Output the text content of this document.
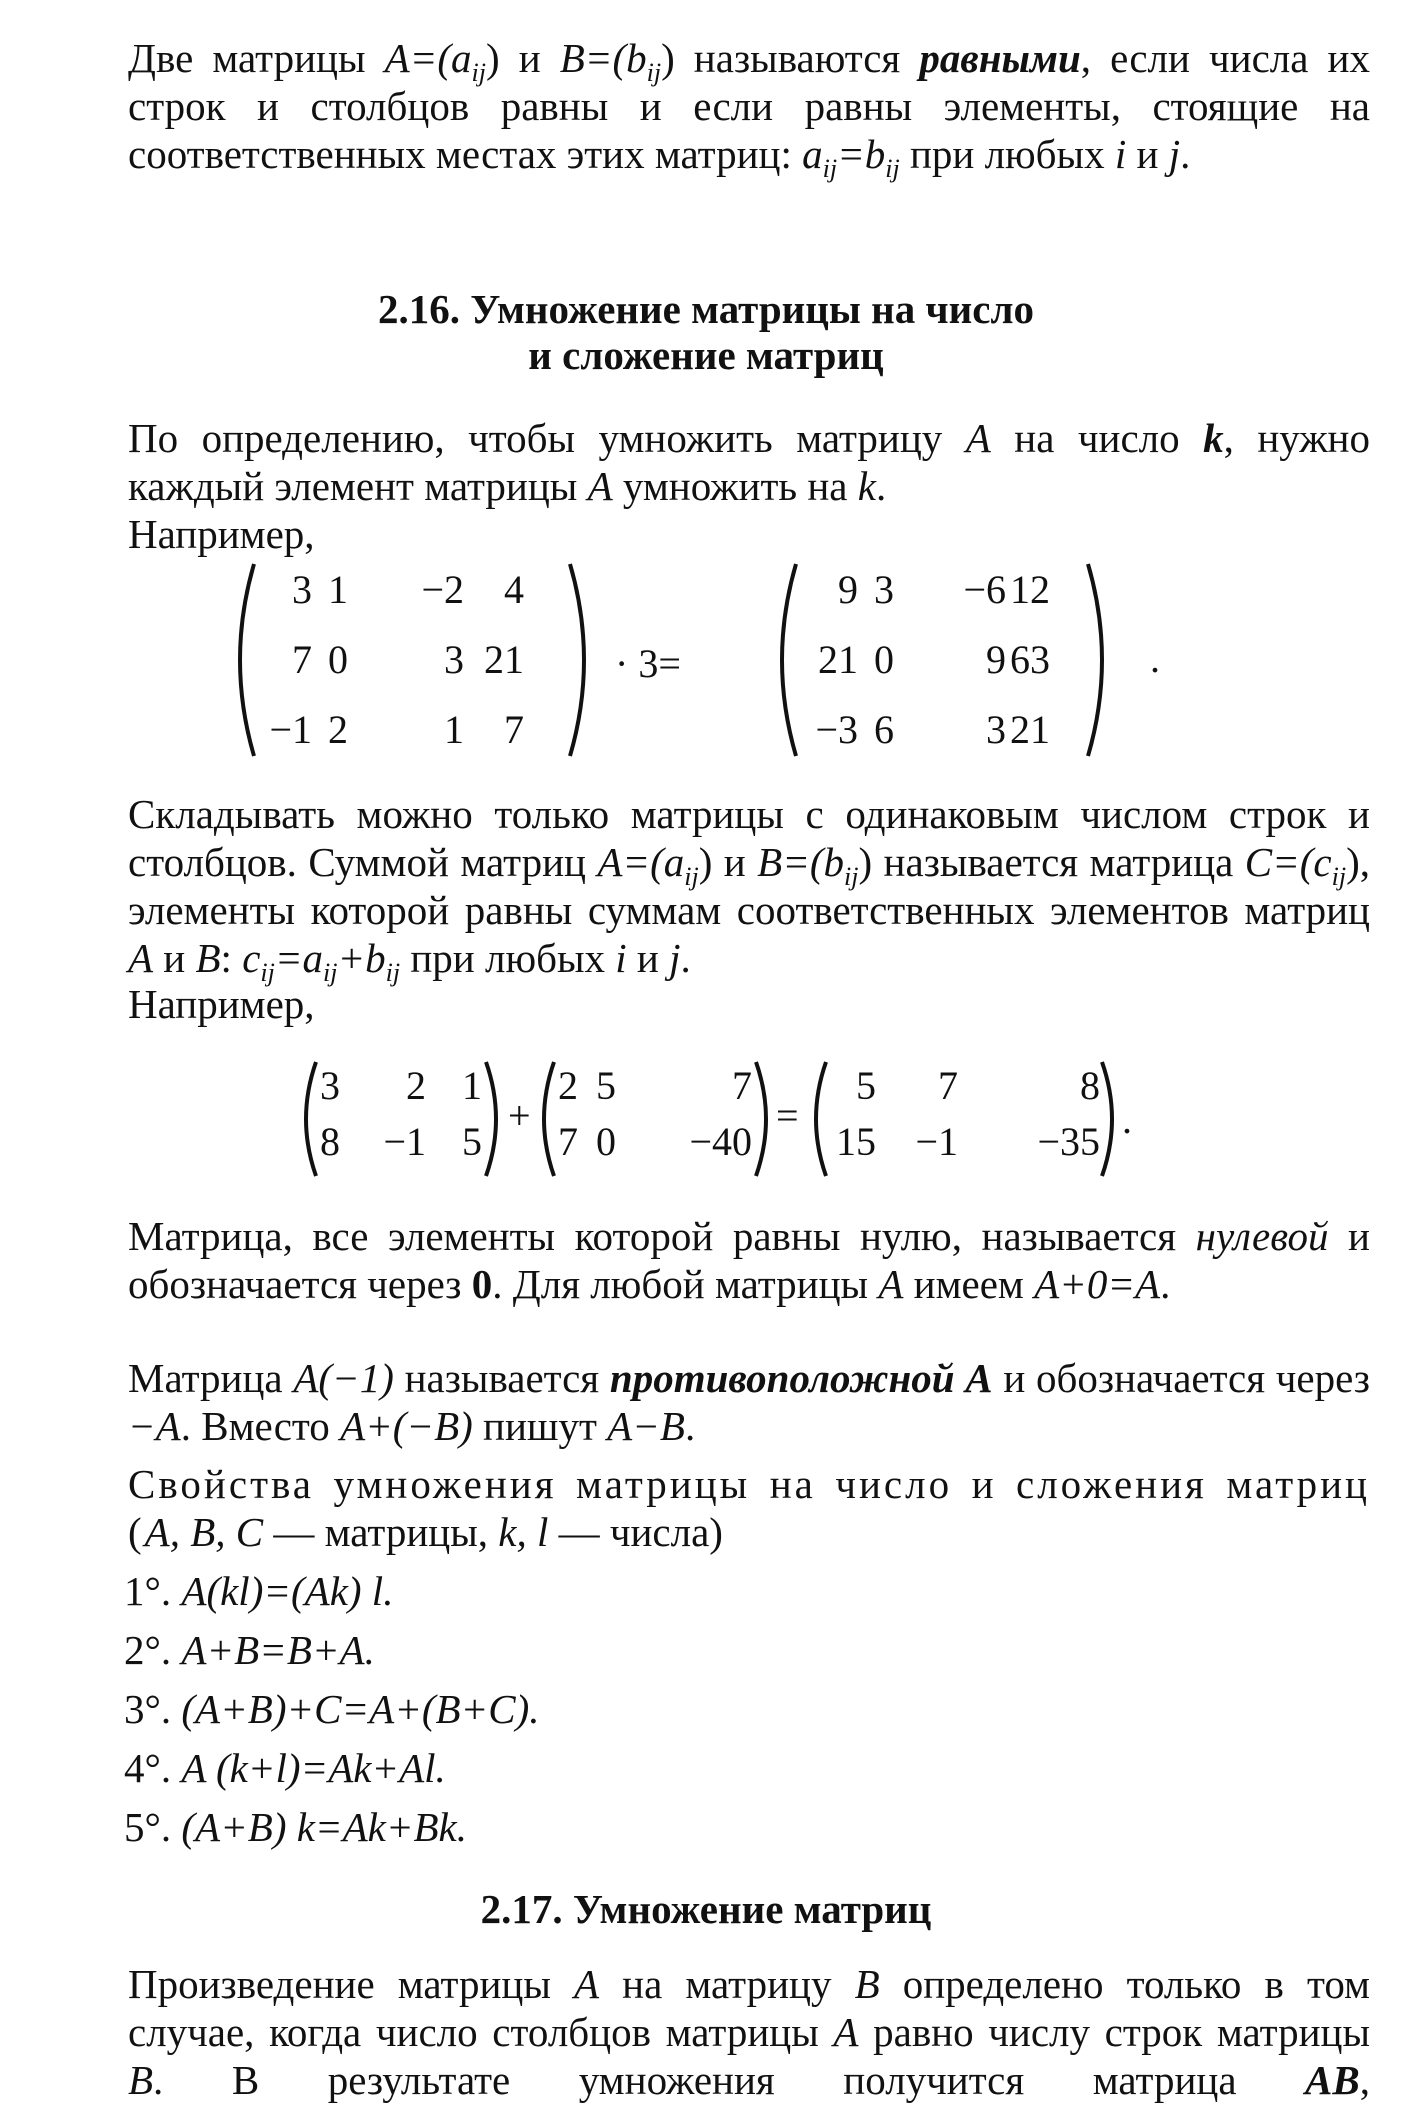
Две матрицы $A=(a_{ij})$ и $B=(b_{ij})$ называются равными, если числа их строк и столбцов равны и если равны элементы, стоящие на соответственных местах этих матриц: $a_{ij}=b_{ij}$ при любых i и j.

2.16. Умножение матрицы на число
и сложение матриц

По определению, чтобы умножить матрицу A на число k, нужно каждый элемент матрицы A умножить на k.

Например,

3 1 −2 4
7 0 3 21
−1 2 1 7
· 3=
9 3 −6 12
21 0 9 63
−3 6 3 21
.

Складывать можно только матрицы с одинаковым числом строк и столбцов. Суммой матриц $A=(a_{ij})$ и $B=(b_{ij})$ называется матрица $C=(c_{ij})$, элементы которой равны суммам соответственных элементов матриц A и B: $c_{ij}=a_{ij}+b_{ij}$ при любых i и j.

Например,

3 2 1
8 −1 5
+
2 5	7
7 0 −40
=
5 7	8
15 −1 −35 .

Матрица, все элементы которой равны нулю, называется нулевой и обозначается через 0. Для любой матрицы A имеем A+0=A.

Матрица A(−1) называется противоположной A и обозначается через −A. Вместо A+(−B) пишут A−B.

Свойства умножения матрицы на число и сложения матриц (A, B, C — матрицы, k, l — числа)

1°. A(kl)=(Ak) l.
2°. A+B=B+A.
3°. (A+B)+C=A+(B+C).
4°. A (k+l)=Ak+Al.
5°. (A+B) k=Ak+Bk.
2.17. Умножение матриц

Произведение матрицы A на матрицу B определено только в том случае, когда число столбцов матрицы A равно числу строк матрицы B. В результате умножения получится матрица AB,
